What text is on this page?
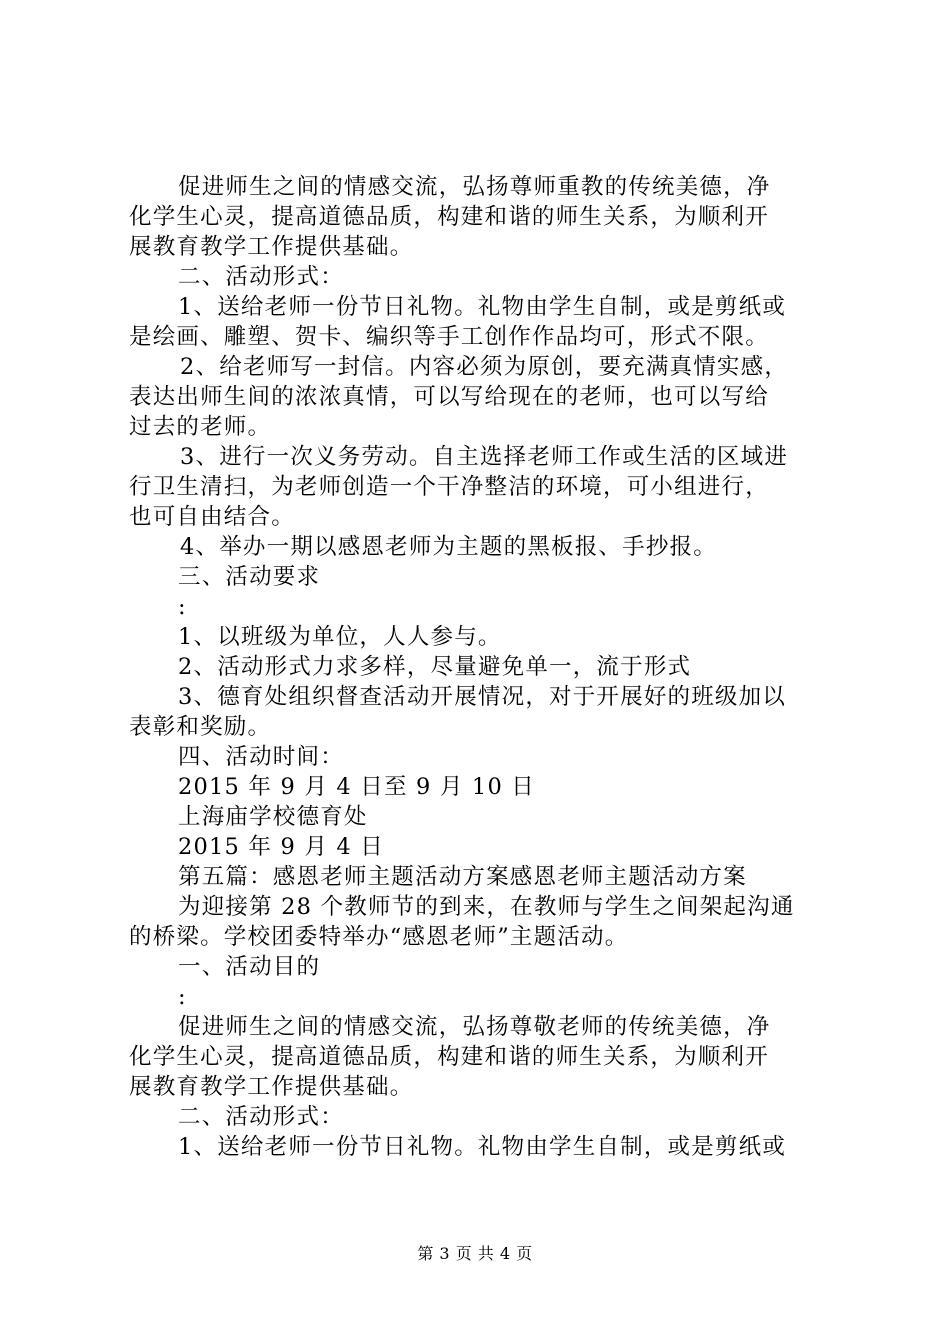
促进师生之间的情感交流，弘扬尊师重教的传统美德，净
化学生心灵，提高道德品质，构建和谐的师生关系，为顺利开
展教育教学工作提供基础。
二、活动形式：
1、送给老师一份节日礼物。礼物由学生自制，或是剪纸或
是绘画、雕塑、贺卡、编织等手工创作作品均可，形式不限。
2、给老师写一封信。内容必须为原创，要充满真情实感，
表达出师生间的浓浓真情，可以写给现在的老师，也可以写给
过去的老师。
3、进行一次义务劳动。自主选择老师工作或生活的区域进
行卫生清扫，为老师创造一个干净整洁的环境，可小组进行，
也可自由结合。
4、举办一期以感恩老师为主题的黑板报、手抄报。
三、活动要求
:
1、以班级为单位，人人参与。
2、活动形式力求多样，尽量避免单一，流于形式
3、德育处组织督查活动开展情况，对于开展好的班级加以
表彰和奖励。
四、活动时间：
2015 年 9 月 4 日至 9 月 10 日
上海庙学校德育处
2015 年 9 月 4 日
第五篇：感恩老师主题活动方案感恩老师主题活动方案
为迎接第 28 个教师节的到来，在教师与学生之间架起沟通
的桥梁。学校团委特举办“感恩老师”主题活动。
一、活动目的
:
促进师生之间的情感交流，弘扬尊敬老师的传统美德，净
化学生心灵，提高道德品质，构建和谐的师生关系，为顺利开
展教育教学工作提供基础。
二、活动形式：
1、送给老师一份节日礼物。礼物由学生自制，或是剪纸或
第 3 页 共 4 页
